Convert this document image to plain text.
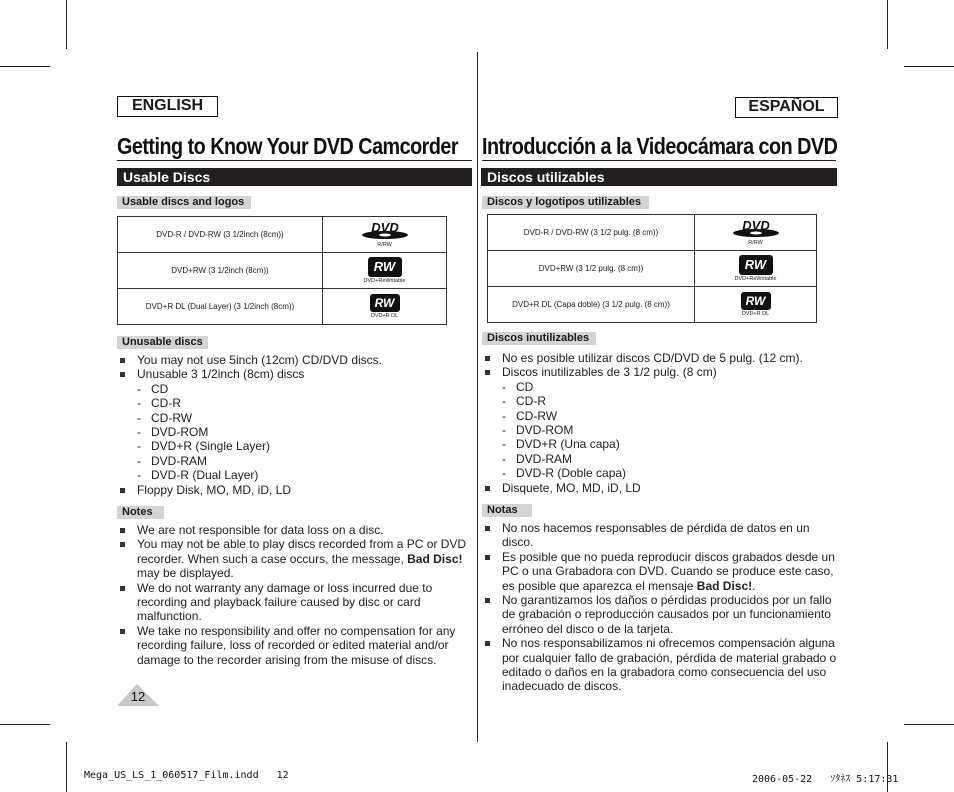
ENGLISH
Getting to Know Your DVD Camcorder
Usable Discs
Usable discs and logos
DVD-R / DVD-RW (3 1/2inch (8cm))	DVD
R/RW

DVD+RW (3 1/2inch (8cm))	RW
DVD+ReWritable

DVD+R DL (Dual Layer) (3 1/2inch (8cm))	RW
DVD+R DL
Unusable discs
You may not use 5inch (12cm) CD/DVD discs.
Unusable 3 1/2inch (8cm) discs
- CD
- CD-R
- CD-RW
- DVD-ROM
- DVD+R (Single Layer)
- DVD-RAM
- DVD-R (Dual Layer)
Floppy Disk, MO, MD, iD, LD
Notes
We are not responsible for data loss on a disc.
You may not be able to play discs recorded from a PC or DVD recorder. When such a case occurs, the message, Bad Disc! may be displayed.
We do not warranty any damage or loss incurred due to recording and playback failure caused by disc or card malfunction.
We take no responsibility and offer no compensation for any recording failure, loss of recorded or edited material and/or damage to the recorder arising from the misuse of discs.
12
ESPAÑOL
Introducción a la Videocámara con DVD
Discos utilizables
Discos y logotipos utilizables
DVD-R / DVD-RW (3 1/2 pulg. (8 cm))	DVD
R/RW

DVD+RW (3 1/2 pulg. (8 cm))	RW
DVD+ReWritable

DVD+R DL (Capa doble) (3 1/2 pulg. (8 cm))	RW
DVD+R DL
Discos inutilizables
No es posible utilizar discos CD/DVD de 5 pulg. (12 cm).
Discos inutilizables de 3 1/2 pulg. (8 cm)
- CD
- CD-R
- CD-RW
- DVD-ROM
- DVD+R (Una capa)
- DVD-RAM
- DVD-R (Doble capa)
Disquete, MO, MD, iD, LD
Notas
No nos hacemos responsables de pérdida de datos en un disco.
Es posible que no pueda reproducir discos grabados desde un PC o una Grabadora con DVD. Cuando se produce este caso, es posible que aparezca el mensaje Bad Disc!.
No garantizamos los daños o pérdidas producidos por un fallo de grabación o reproducción causados por un funcionamiento erróneo del disco o de la tarjeta.
No nos responsabilizamos ni ofrecemos compensación alguna por cualquier fallo de grabación, pérdida de material grabado o editado o daños en la grabadora como consecuencia del uso inadecuado de discos.
Mega_US_LS_1_060517_Film.indd   12	2006-05-22   ｿﾀﾈｽ 5:17:31
